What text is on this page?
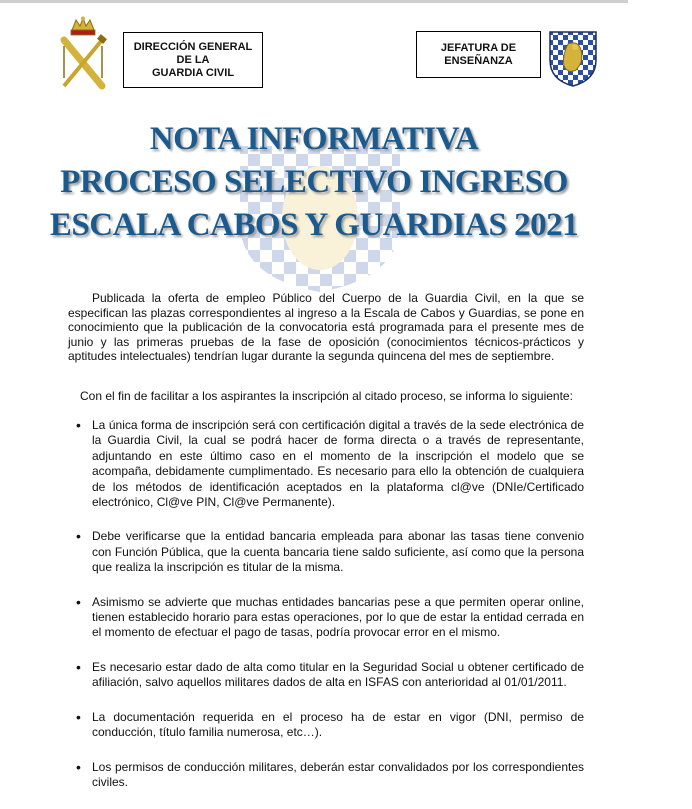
DIRECCIÓN GENERAL
DE LA
GUARDIA CIVIL
JEFATURA DE
ENSEÑANZA
NOTA INFORMATIVA
PROCESO SELECTIVO INGRESO
ESCALA CABOS Y GUARDIAS 2021
Publicada la oferta de empleo Público del Cuerpo de la Guardia Civil, en la que se especifican las plazas correspondientes al ingreso a la Escala de Cabos y Guardias, se pone en conocimiento que la publicación de la convocatoria está programada para el presente mes de junio y las primeras pruebas de la fase de oposición (conocimientos técnicos-prácticos y aptitudes intelectuales) tendrían lugar durante la segunda quincena del mes de septiembre.
Con el fin de facilitar a los aspirantes la inscripción al citado proceso, se informa lo siguiente:
• La única forma de inscripción será con certificación digital a través de la sede electrónica de la Guardia Civil, la cual se podrá hacer de forma directa o a través de representante, adjuntando en este último caso en el momento de la inscripción el modelo que se acompaña, debidamente cumplimentado. Es necesario para ello la obtención de cualquiera de los métodos de identificación aceptados en la plataforma cl@ve (DNIe/Certificado electrónico, Cl@ve PIN, Cl@ve Permanente).
• Debe verificarse que la entidad bancaria empleada para abonar las tasas tiene convenio con Función Pública, que la cuenta bancaria tiene saldo suficiente, así como que la persona que realiza la inscripción es titular de la misma.
• Asimismo se advierte que muchas entidades bancarias pese a que permiten operar online, tienen establecido horario para estas operaciones, por lo que de estar la entidad cerrada en el momento de efectuar el pago de tasas, podría provocar error en el mismo.
• Es necesario estar dado de alta como titular en la Seguridad Social u obtener certificado de afiliación, salvo aquellos militares dados de alta en ISFAS con anterioridad al 01/01/2011.
• La documentación requerida en el proceso ha de estar en vigor (DNI, permiso de conducción, título familia numerosa, etc…).
• Los permisos de conducción militares, deberán estar convalidados por los correspondientes civiles.
